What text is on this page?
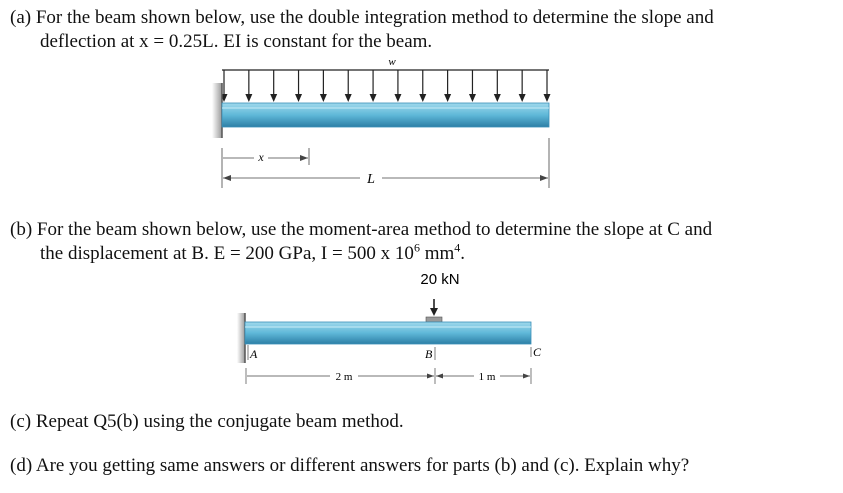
(a) For the beam shown below, use the double integration method to determine the slope and
deflection at x = 0.25L. EI is constant for the beam.
w
x
L
20 kN
A	B	C
2 m	1 m
(b) For the beam shown below, use the moment-area method to determine the slope at C and
the displacement at B. E = 200 GPa, I = 500 x $10^6$ $mm^4$.
(c) Repeat Q5(b) using the conjugate beam method.
(d) Are you getting same answers or different answers for parts (b) and (c). Explain why?
